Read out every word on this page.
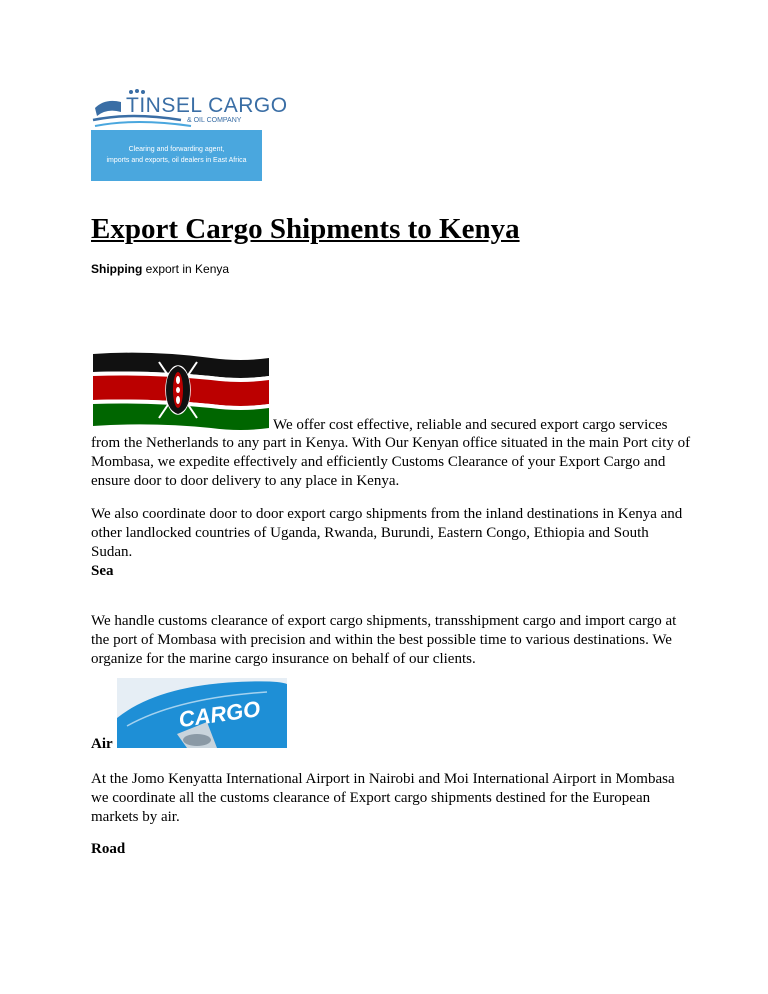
TINSEL CARGO
& OIL COMPANY
Clearing and forwarding agent,
imports and exports, oil dealers in East Africa
Export Cargo Shipments to Kenya
Shipping export in Kenya
We offer cost effective, reliable and secured export cargo services
from the Netherlands to any part in Kenya. With Our Kenyan office situated in the main Port city of Mombasa, we expedite effectively and efficiently Customs Clearance of your Export Cargo and ensure door to door delivery to any place in Kenya.
We also coordinate door to door export cargo shipments from the inland destinations in Kenya and other landlocked countries of Uganda, Rwanda, Burundi, Eastern Congo, Ethiopia and South Sudan.
Sea
We handle customs clearance of export cargo shipments, transshipment cargo and import cargo at the port of Mombasa with precision and within the best possible time to various destinations. We organize for the marine cargo insurance on behalf of our clients.
CARGO
Air
At the Jomo Kenyatta International Airport in Nairobi and Moi International Airport in Mombasa we coordinate all the customs clearance of Export cargo shipments destined for the European markets by air.
Road
